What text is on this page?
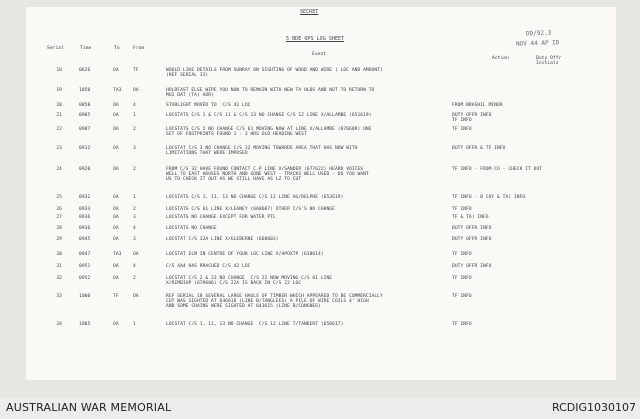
SECRET
DD/92.3
NOV 44 AP ID
5 BDE OPS LOG SHEET
Serial	Time	To	From
Event
Action	Duty Offr
Initials
18	0626	OA	TF	WOULD LIKE DETAILS FROM SUNRAY ON SIGHTING OF WOOD AND WIRE ( LOC AND AMOUNT)
(REF SERIAL 33)
19	1850	TA3	OA	HOLDFAST ELSE WIPE YOU NOW TO REMAIN WITH NEW TA HLDS AND NOT TO RETURN TO
MUI DAT (TA) AOR)
20	0858	OA	4	STARLIGHT MOVED TO  C/S 42 LOC	FROM BRASHIL MINOR
21	0905	OA	1	LOCSTATS C/S 1 & C/S 11 & C/S 13 NO CHANGE C/S 12 LINE X/ALLAMBE (651619)	DUTY OFFR INFO
TF INFO
22	0907	OA	2	LOCSTATS C/S 2 NO CHANGE C/S 61 MOVING NOW AT LINE X/ALLAMBE (676609) ONE
SET OF FOOTPRINTS FOUND 1 - 3 HRS OLD HEADING WEST
TF INFO
23	0912	OA	3	LOCSTAT C/S 3 NO CHANGE C/S 32 MOVING TOWARDS AREA THAT HAS NOW WITH
LIMITATIONS THAT WERE IMPOSED
DUTY OFFR & TF INFO
24	0920	OA	2	FROM C/S 32 HAVE FOUND CONTACT C.P LINE X/SANDER (677622) HEARD VOICES
WELL TO EAST HOUSES NORTH AND GONE WEST - TRACKS WELL USED - DO YOU WANT
US TO CHECK IT OUT AS WE STILL HAVE AS LZ TO CUT
TF INFO - FROM CO - CHECK IT OUT
25	0932	OA	1	LOCSTATS C/S 1, 11, 13 NO CHANGE C/S 12 LINE OG/DELPHE (653619)	TF INFO - 8 COY & TA) INFO
26	0933	OA	2	LOCSTATS C/S 61 LINE X/LEANEY (668607) OTHER C/S'S NO CHANGE	TF INFO
27	0936	OA	3	LOCSTATS NO CHANGE EXCEPT FOR WATER PTL	TF & TA) INFO
28	0936	OA	4	LOCSTATS NO CHANGE	DUTY OFFR INFO
29	0945	OA	3	LOCSTAT C/S 32A LINE X/GLEBERNE (668603)	DUTY OFFR INFO
30	0947	TA3	OA	LOCSTAT ELM IN CENTRE OF YOUR LOC LINE X/APOXTP (638614)	TF INFO
31	0951	OA	4	C/S 4A4 HAS RRACHED C/S 42 LOC	DUTY OFFR INFO
32	0952	OA	2	LOCSTAT C/S 2 & 23 NO CHANGE  C/S 22 NOW MOVING C/S 61 LINE
X/RIMBIUP (679606) C/S 22A IS BACK IN C/S 22 LOC
TF INFO
33	1000	TF	OA	REF SERIAL 18 SEVERAL LARGE HAULS OF TIMBER WHICH APPEARED TO BE COMMERCIALLY
CUT WAS SIGHTED AT 646618 (LINE B/TANGLEES) A PILE OF WIRE COILS 4' HIGH
AND SOME CHAINS WERE SIGHTED AT 643615 (LINE B/CONGNEG)
TF INFO
34	1005	OA	1	LOCSTAT C/S 1, 11, 13 NO CHANGE  C/S 12 LINE T/TANDERT (656617)	TF INFO
AUSTRALIAN WAR MEMORIAL	RCDIG1030107
